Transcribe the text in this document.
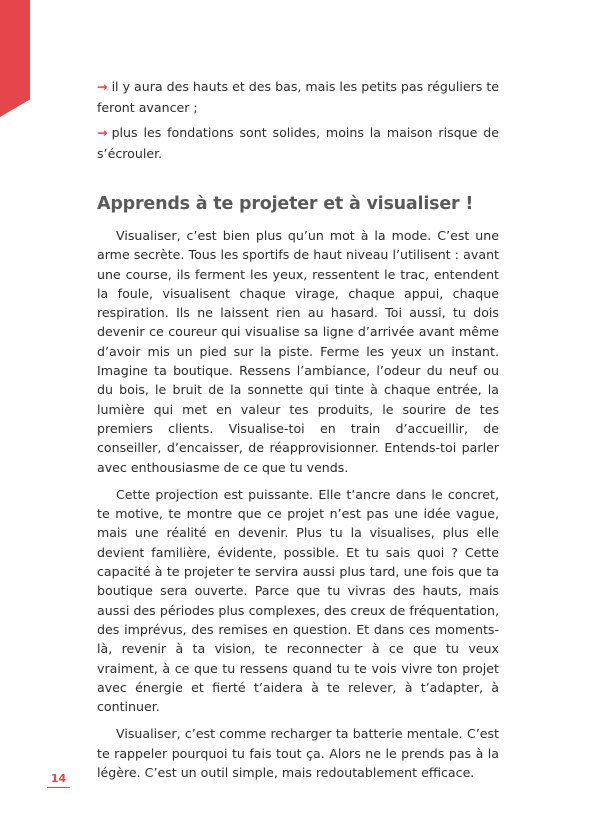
→ il y aura des hauts et des bas, mais les petits pas réguliers te feront avancer ;

→ plus les fondations sont solides, moins la maison risque de s’écrouler.

Apprends à te projeter et à visualiser !

Visualiser, c’est bien plus qu’un mot à la mode. C’est une arme secrète. Tous les sportifs de haut niveau l’utilisent : avant une course, ils ferment les yeux, ressentent le trac, entendent la foule, visualisent chaque virage, chaque appui, chaque respiration. Ils ne laissent rien au hasard. Toi aussi, tu dois devenir ce coureur qui visualise sa ligne d’arrivée avant même d’avoir mis un pied sur la piste. Ferme les yeux un instant. Imagine ta boutique. Ressens l’ambiance, l’odeur du neuf ou du bois, le bruit de la sonnette qui tinte à chaque entrée, la lumière qui met en valeur tes produits, le sourire de tes premiers clients. Visualise-toi en train d’accueillir, de conseiller, d’encaisser, de réapprovisionner. Entends-toi parler avec enthousiasme de ce que tu vends.

Cette projection est puissante. Elle t’ancre dans le concret, te motive, te montre que ce projet n’est pas une idée vague, mais une réalité en devenir. Plus tu la visualises, plus elle devient familière, évidente, possible. Et tu sais quoi ? Cette capacité à te projeter te servira aussi plus tard, une fois que ta boutique sera ouverte. Parce que tu vivras des hauts, mais aussi des périodes plus complexes, des creux de fréquentation, des imprévus, des remises en question. Et dans ces moments-là, revenir à ta vision, te reconnecter à ce que tu veux vraiment, à ce que tu ressens quand tu te vois vivre ton projet avec énergie et fierté t’aidera à te relever, à t’adapter, à continuer.

Visualiser, c’est comme recharger ta batterie mentale. C’est te rappeler pourquoi tu fais tout ça. Alors ne le prends pas à la légère. C’est un outil simple, mais redoutablement efficace.

14
